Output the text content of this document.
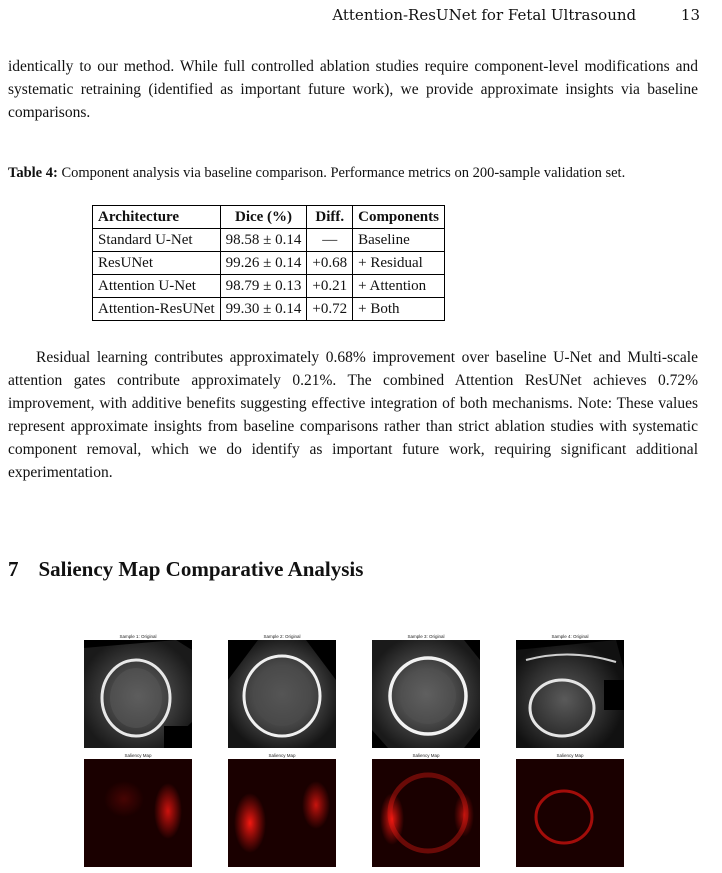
Attention-ResUNet for Fetal Ultrasound	13
identically to our method. While full controlled ablation studies require component-level modifications and systematic retraining (identified as important future work), we provide approximate insights via baseline comparisons.
Table 4: Component analysis via baseline comparison. Performance metrics on 200-sample validation set.
Architecture	Dice (%)	Diff.	Components
Standard U-Net	98.58 ± 0.14	—	Baseline
ResUNet	99.26 ± 0.14	+0.68	+ Residual
Attention U-Net	98.79 ± 0.13	+0.21	+ Attention
Attention-ResUNet	99.30 ± 0.14	+0.72	+ Both
Residual learning contributes approximately 0.68% improvement over baseline U-Net and Multi-scale attention gates contribute approximately 0.21%. The combined Attention ResUNet achieves 0.72% improvement, with additive benefits suggesting effective integration of both mechanisms. Note: These values represent approximate insights from baseline comparisons rather than strict ablation studies with systematic component removal, which we do identify as important future work, requiring significant additional experimentation.
7 Saliency Map Comparative Analysis
Sample 1: Original	Sample 2: Original	Sample 3: Original	Sample 4: Original
Saliency Map	Saliency Map	Saliency Map	Saliency Map
